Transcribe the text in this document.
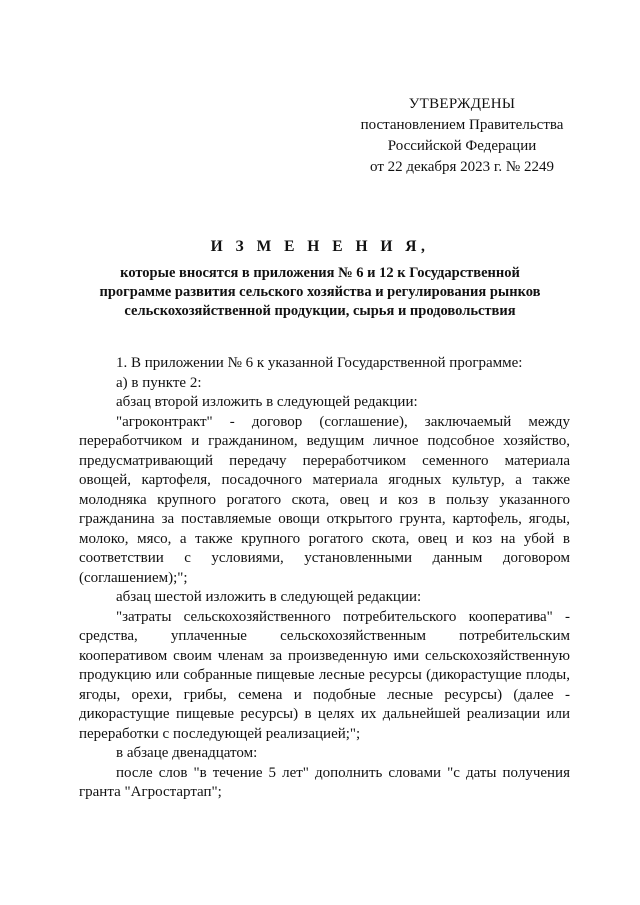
УТВЕРЖДЕНЫ
постановлением Правительства
Российской Федерации
от 22 декабря 2023 г. № 2249
И З М Е Н Е Н И Я,
которые вносятся в приложения № 6 и 12 к Государственной
программе развития сельского хозяйства и регулирования рынков
сельскохозяйственной продукции, сырья и продовольствия

1. В приложении № 6 к указанной Государственной программе:

а) в пункте 2:

абзац второй изложить в следующей редакции:

"агроконтракт" - договор (соглашение), заключаемый между переработчиком и гражданином, ведущим личное подсобное хозяйство, предусматривающий передачу переработчиком семенного материала овощей, картофеля, посадочного материала ягодных культур, а также молодняка крупного рогатого скота, овец и коз в пользу указанного гражданина за поставляемые овощи открытого грунта, картофель, ягоды, молоко, мясо, а также крупного рогатого скота, овец и коз на убой в соответствии с условиями, установленными данным договором (соглашением);";

абзац шестой изложить в следующей редакции:

"затраты сельскохозяйственного потребительского кооператива" - средства, уплаченные сельскохозяйственным потребительским кооперативом своим членам за произведенную ими сельскохозяйственную продукцию или собранные пищевые лесные ресурсы (дикорастущие плоды, ягоды, орехи, грибы, семена и подобные лесные ресурсы) (далее - дикорастущие пищевые ресурсы) в целях их дальнейшей реализации или переработки с последующей реализацией;";

в абзаце двенадцатом:

после слов "в течение 5 лет" дополнить словами "с даты получения гранта "Агростартап";
